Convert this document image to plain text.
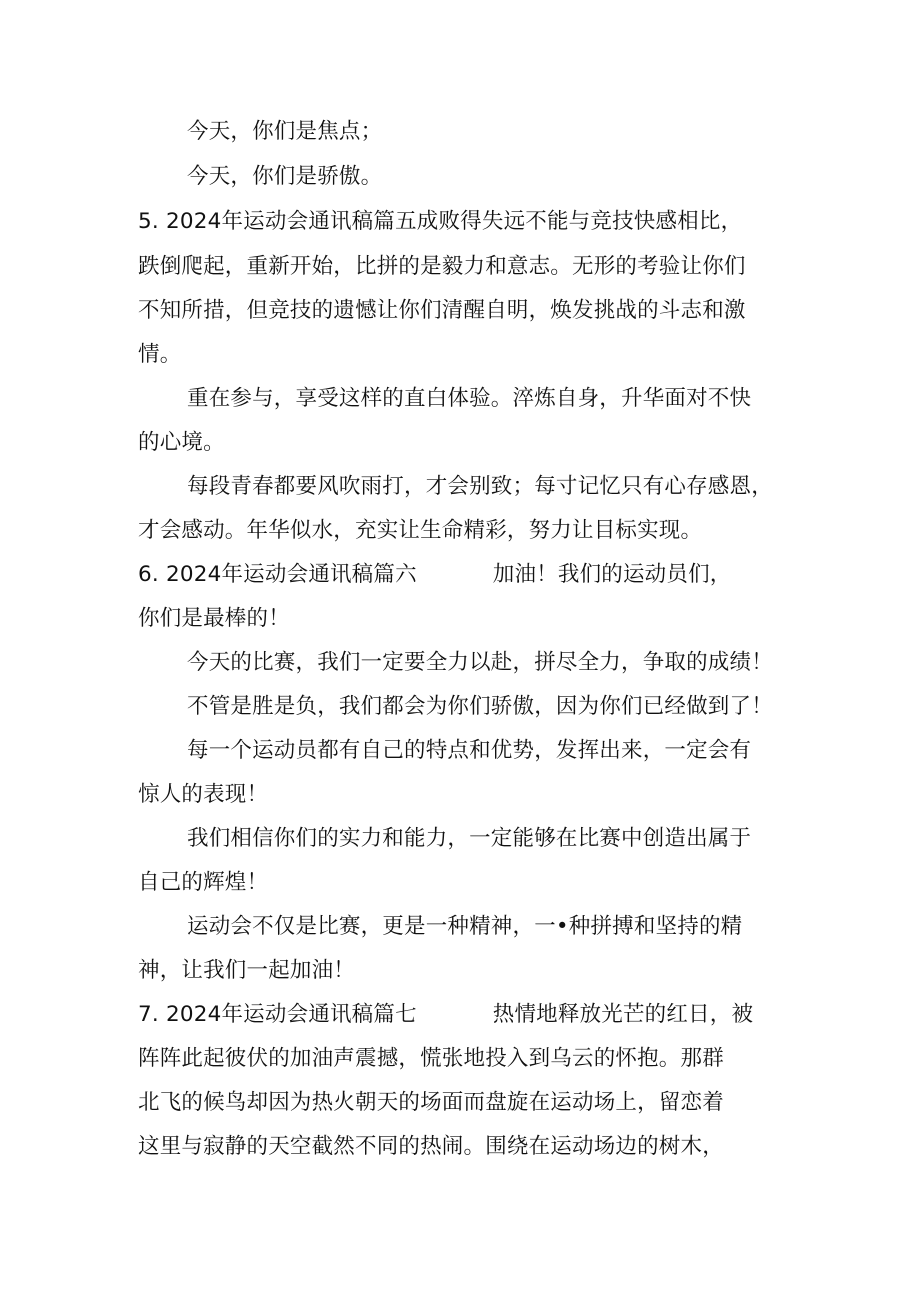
今天，你们是焦点；
今天，你们是骄傲。
5. 2024年运动会通讯稿篇五成败得失远不能与竞技快感相比，
跌倒爬起，重新开始，比拼的是毅力和意志。无形的考验让你们
不知所措，但竞技的遗憾让你们清醒自明，焕发挑战的斗志和激
情。
重在参与，享受这样的直白体验。淬炼自身，升华面对不快
的心境。
每段青春都要风吹雨打，才会别致；每寸记忆只有心存感恩，
才会感动。年华似水，充实让生命精彩，努力让目标实现。
6. 2024年运动会通讯稿篇六	加油！我们的运动员们，
你们是最棒的！
今天的比赛，我们一定要全力以赴，拼尽全力，争取的成绩！
不管是胜是负，我们都会为你们骄傲，因为你们已经做到了！
每一个运动员都有自己的特点和优势，发挥出来，一定会有
惊人的表现！
我们相信你们的实力和能力，一定能够在比赛中创造出属于
自己的辉煌！
运动会不仅是比赛，更是一种精神，一•种拼搏和坚持的精
神，让我们一起加油！
7. 2024年运动会通讯稿篇七	热情地释放光芒的红日，被
阵阵此起彼伏的加油声震撼，慌张地投入到乌云的怀抱。那群
北飞的候鸟却因为热火朝天的场面而盘旋在运动场上，留恋着
这里与寂静的天空截然不同的热闹。围绕在运动场边的树木，
